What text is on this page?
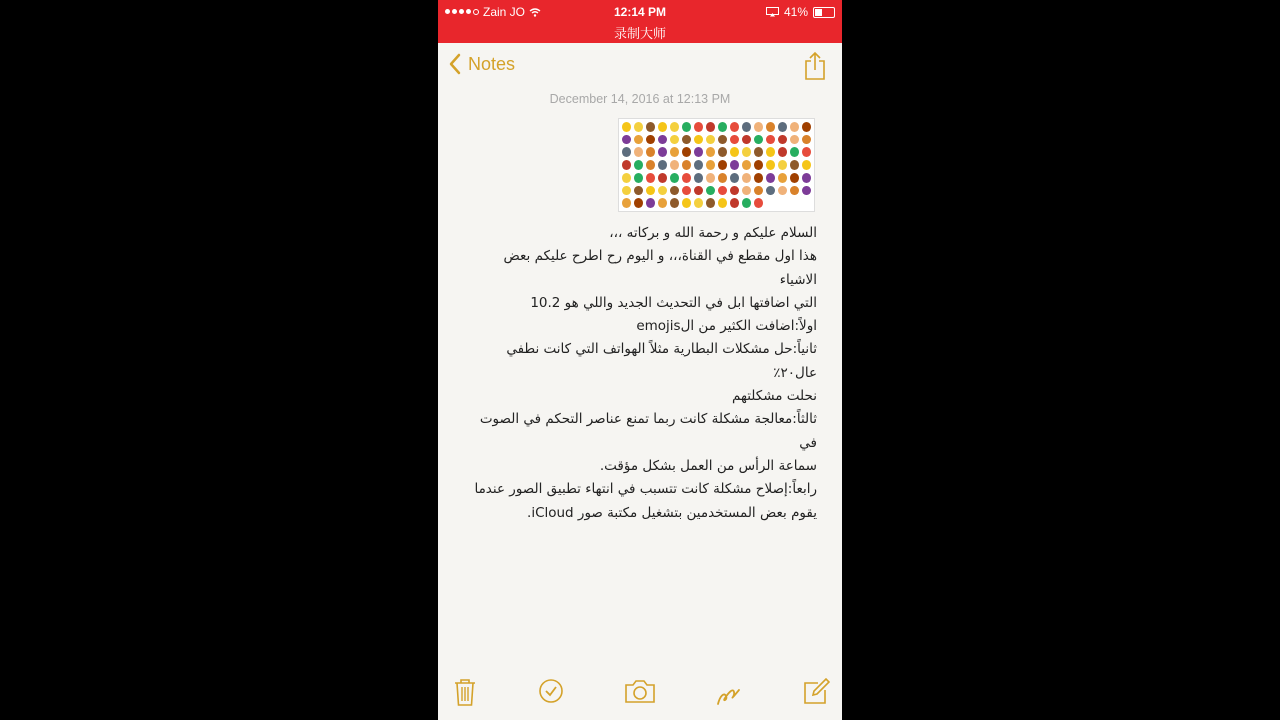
Zain JO	12:14 PM	41%
录制大师
Notes
December 14, 2016 at 12:13 PM

السلام عليكم و رحمة الله و بركاته ،،،

هذا اول مقطع في القناة،،، و اليوم رح اطرح عليكم بعض الاشياء

التي اضافتها ابل في التحديث الجديد واللي هو 10.2

اولاً:اضافت الكثير من الemojis

ثانياً:حل مشكلات البطارية مثلاً الهواتف التي كانت نطفي عال٢٠٪

نحلت مشكلتهم

ثالثاً:معالجة مشكلة كانت ربما تمنع عناصر التحكم في الصوت في

سماعة الرأس من العمل بشكل مؤقت.

رابعاً:إصلاح مشكلة كانت تتسبب في انتهاء تطبيق الصور عندما

يقوم بعض المستخدمين بتشغيل مكتبة صور iCloud.
